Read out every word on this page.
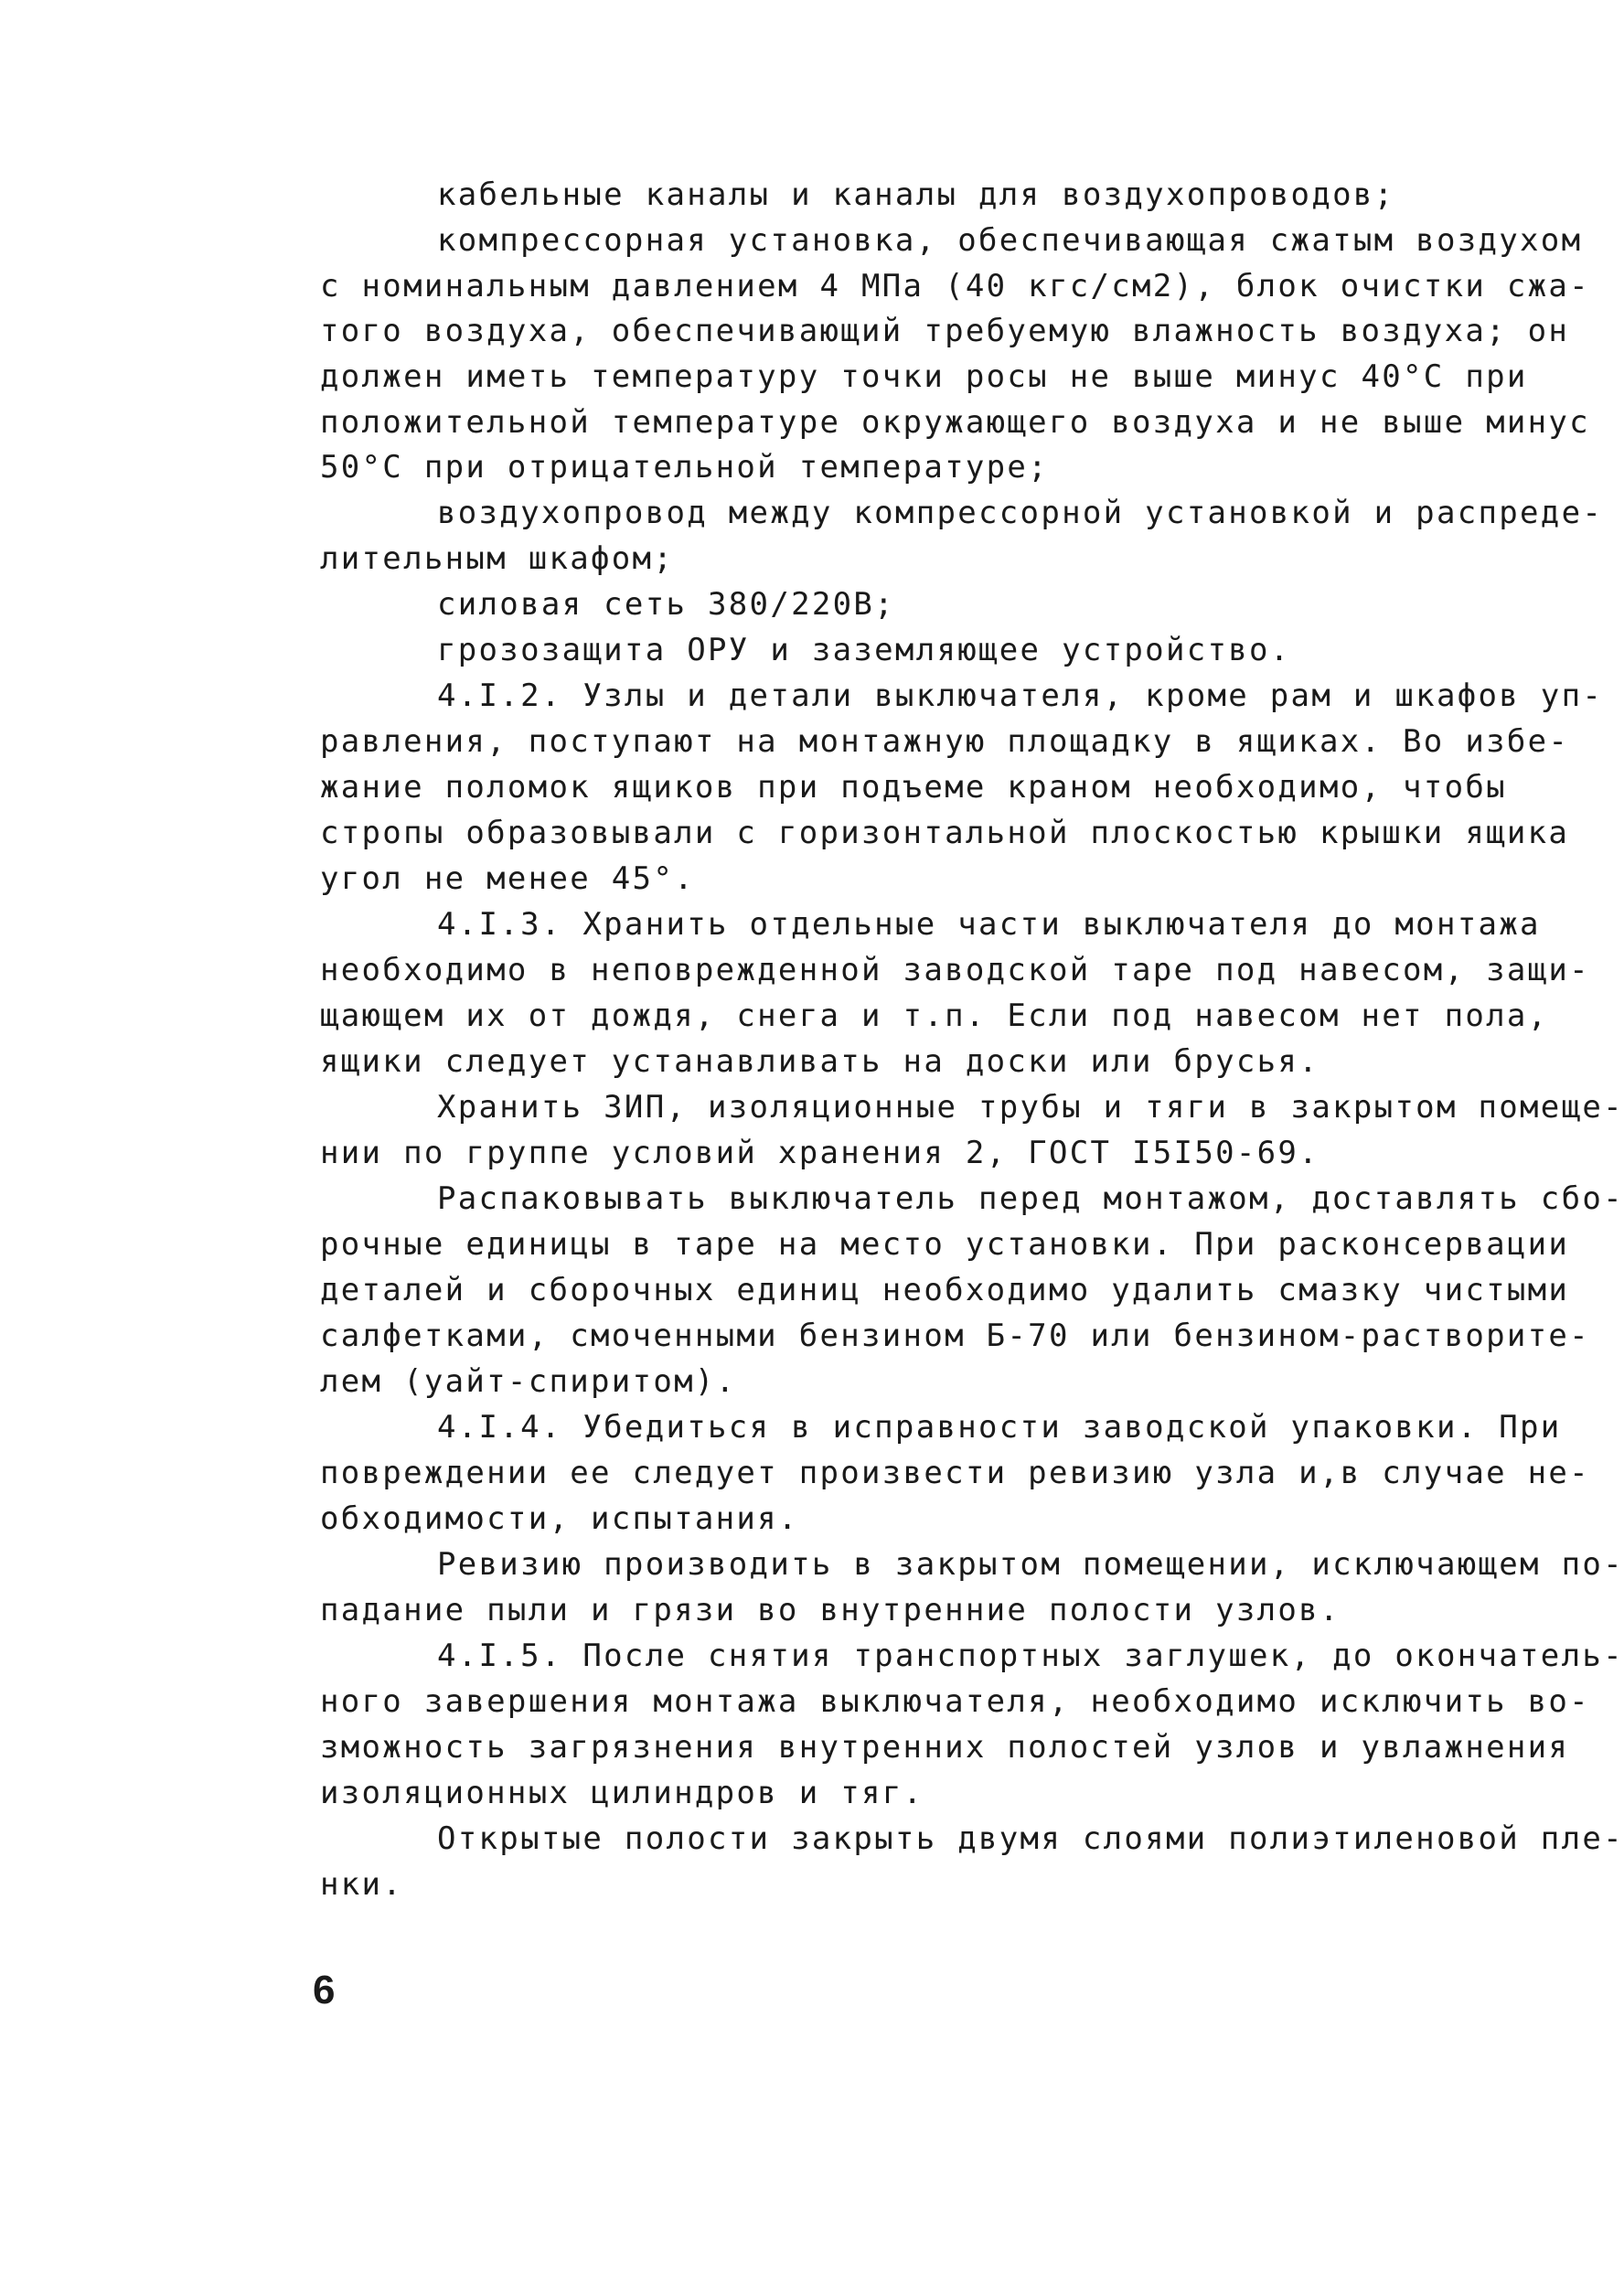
кабельные каналы и каналы для воздухопроводов;
компрессорная установка, обеспечивающая сжатым воздухом
с номинальным давлением 4 МПа (40 кгс/см2), блок очистки сжа-
того воздуха, обеспечивающий требуемую влажность воздуха; он
должен иметь температуру точки росы не выше минус 40°С при
положительной температуре окружающего воздуха и не выше минус
50°С при отрицательной температуре;
воздухопровод между компрессорной установкой и распреде-
лительным шкафом;
силовая сеть 380/220В;
грозозащита ОРУ и заземляющее устройство.
4.I.2. Узлы и детали выключателя, кроме рам и шкафов уп-
равления, поступают на монтажную площадку в ящиках. Во избе-
жание поломок ящиков при подъеме краном необходимо, чтобы
стропы образовывали с горизонтальной плоскостью крышки ящика
угол не менее 45°.
4.I.3. Хранить отдельные части выключателя до монтажа
необходимо в неповрежденной заводской таре под навесом, защи-
щающем их от дождя, снега и т.п. Если под навесом нет пола,
ящики следует устанавливать на доски или брусья.
Хранить ЗИП, изоляционные трубы и тяги в закрытом помеще-
нии по группе условий хранения 2, ГОСТ I5I50-69.
Распаковывать выключатель перед монтажом, доставлять сбо-
рочные единицы в таре на место установки. При расконсервации
деталей и сборочных единиц необходимо удалить смазку чистыми
салфетками, смоченными бензином Б-70 или бензином-растворите-
лем (уайт-спиритом).
4.I.4. Убедиться в исправности заводской упаковки. При
повреждении ее следует произвести ревизию узла и,в случае не-
обходимости, испытания.
Ревизию производить в закрытом помещении, исключающем по-
падание пыли и грязи во внутренние полости узлов.
4.I.5. После снятия транспортных заглушек, до окончатель-
ного завершения монтажа выключателя, необходимо исключить во-
зможность загрязнения внутренних полостей узлов и увлажнения
изоляционных цилиндров и тяг.
Открытые полости закрыть двумя слоями полиэтиленовой пле-
нки.
6
